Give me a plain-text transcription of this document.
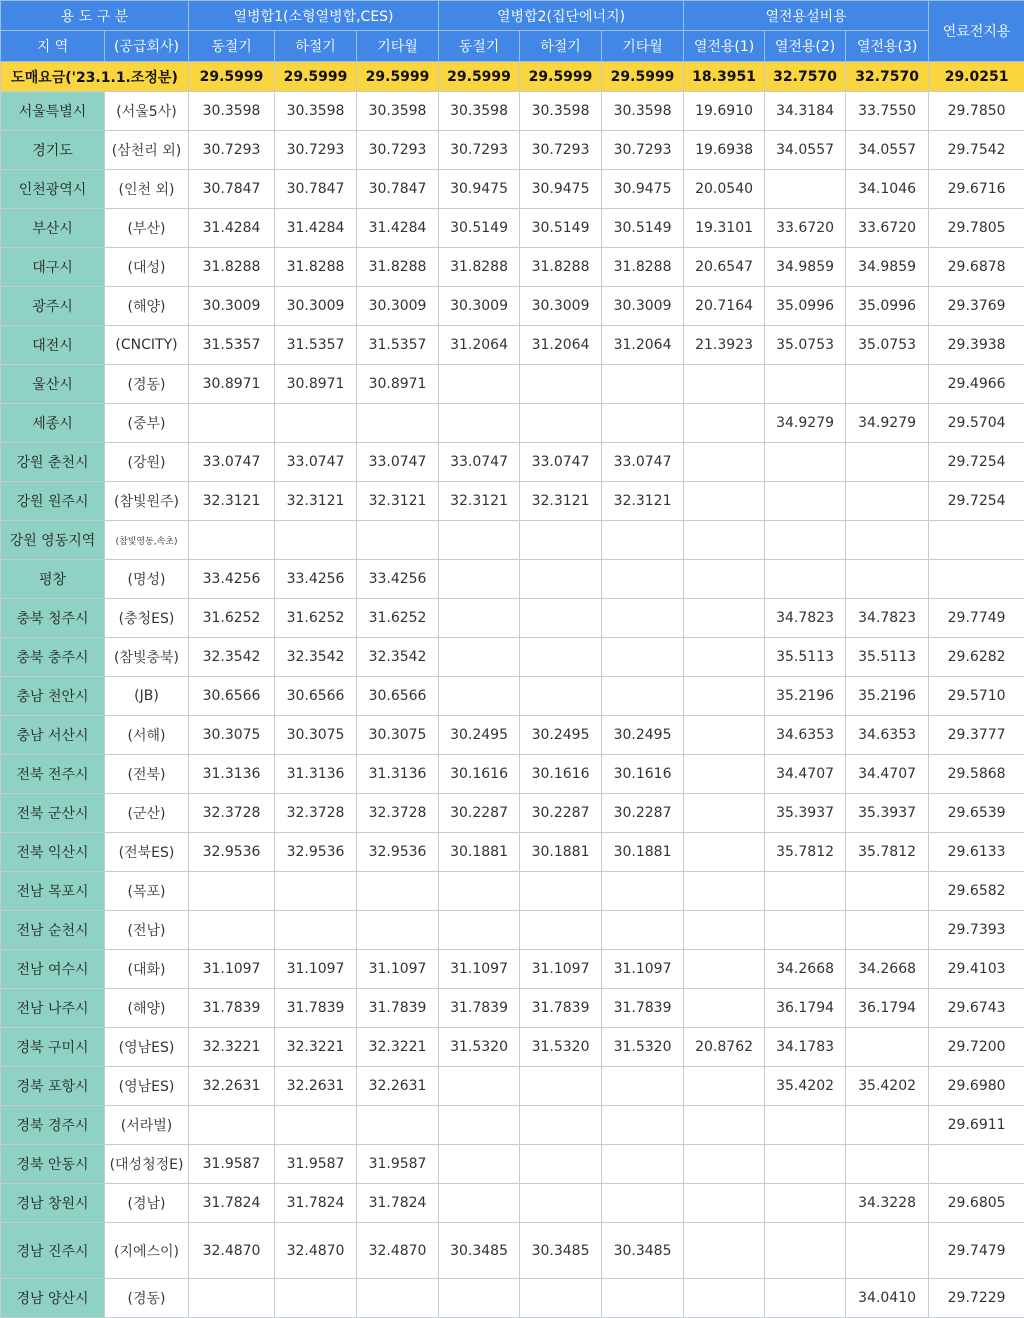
용 도 구 분		열병합1(소형열병합,CES)			열병합2(집단에너지)			열전용설비용			연료전지용
지 역	(공급회사)	동절기	하절기	기타월	동절기	하절기	기타월	열전용(1)	열전용(2)	열전용(3)	
도매요금('23.1.1.조정분)		29.5999	29.5999	29.5999	29.5999	29.5999	29.5999	18.3951	32.7570	32.7570	29.0251
서울특별시	(서울5사)	30.3598	30.3598	30.3598	30.3598	30.3598	30.3598	19.6910	34.3184	33.7550	29.7850
경기도	(삼천리 외)	30.7293	30.7293	30.7293	30.7293	30.7293	30.7293	19.6938	34.0557	34.0557	29.7542
인천광역시	(인천 외)	30.7847	30.7847	30.7847	30.9475	30.9475	30.9475	20.0540		34.1046	29.6716
부산시	(부산)	31.4284	31.4284	31.4284	30.5149	30.5149	30.5149	19.3101	33.6720	33.6720	29.7805
대구시	(대성)	31.8288	31.8288	31.8288	31.8288	31.8288	31.8288	20.6547	34.9859	34.9859	29.6878
광주시	(해양)	30.3009	30.3009	30.3009	30.3009	30.3009	30.3009	20.7164	35.0996	35.0996	29.3769
대전시	(CNCITY)	31.5357	31.5357	31.5357	31.2064	31.2064	31.2064	21.3923	35.0753	35.0753	29.3938
울산시	(경동)	30.8971	30.8971	30.8971							29.4966
세종시	(중부)								34.9279	34.9279	29.5704
강원 춘천시	(강원)	33.0747	33.0747	33.0747	33.0747	33.0747	33.0747				29.7254
강원 원주시	(참빛원주)	32.3121	32.3121	32.3121	32.3121	32.3121	32.3121				29.7254
강원 영동지역	(참빛영동,속초)										
평창	(명성)	33.4256	33.4256	33.4256							
충북 청주시	(충청ES)	31.6252	31.6252	31.6252					34.7823	34.7823	29.7749
충북 충주시	(참빛충북)	32.3542	32.3542	32.3542					35.5113	35.5113	29.6282
충남 천안시	(JB)	30.6566	30.6566	30.6566					35.2196	35.2196	29.5710
충남 서산시	(서해)	30.3075	30.3075	30.3075	30.2495	30.2495	30.2495		34.6353	34.6353	29.3777
전북 전주시	(전북)	31.3136	31.3136	31.3136	30.1616	30.1616	30.1616		34.4707	34.4707	29.5868
전북 군산시	(군산)	32.3728	32.3728	32.3728	30.2287	30.2287	30.2287		35.3937	35.3937	29.6539
전북 익산시	(전북ES)	32.9536	32.9536	32.9536	30.1881	30.1881	30.1881		35.7812	35.7812	29.6133
전남 목포시	(목포)										29.6582
전남 순천시	(전남)										29.7393
전남 여수시	(대화)	31.1097	31.1097	31.1097	31.1097	31.1097	31.1097		34.2668	34.2668	29.4103
전남 나주시	(해양)	31.7839	31.7839	31.7839	31.7839	31.7839	31.7839		36.1794	36.1794	29.6743
경북 구미시	(영남ES)	32.3221	32.3221	32.3221	31.5320	31.5320	31.5320	20.8762	34.1783		29.7200
경북 포항시	(영남ES)	32.2631	32.2631	32.2631					35.4202	35.4202	29.6980
경북 경주시	(서라벌)										29.6911
경북 안동시	(대성청정E)	31.9587	31.9587	31.9587							
경남 창원시	(경남)	31.7824	31.7824	31.7824						34.3228	29.6805
경남 진주시	(지에스이)	32.4870	32.4870	32.4870	30.3485	30.3485	30.3485				29.7479
경남 양산시	(경동)									34.0410	29.7229
